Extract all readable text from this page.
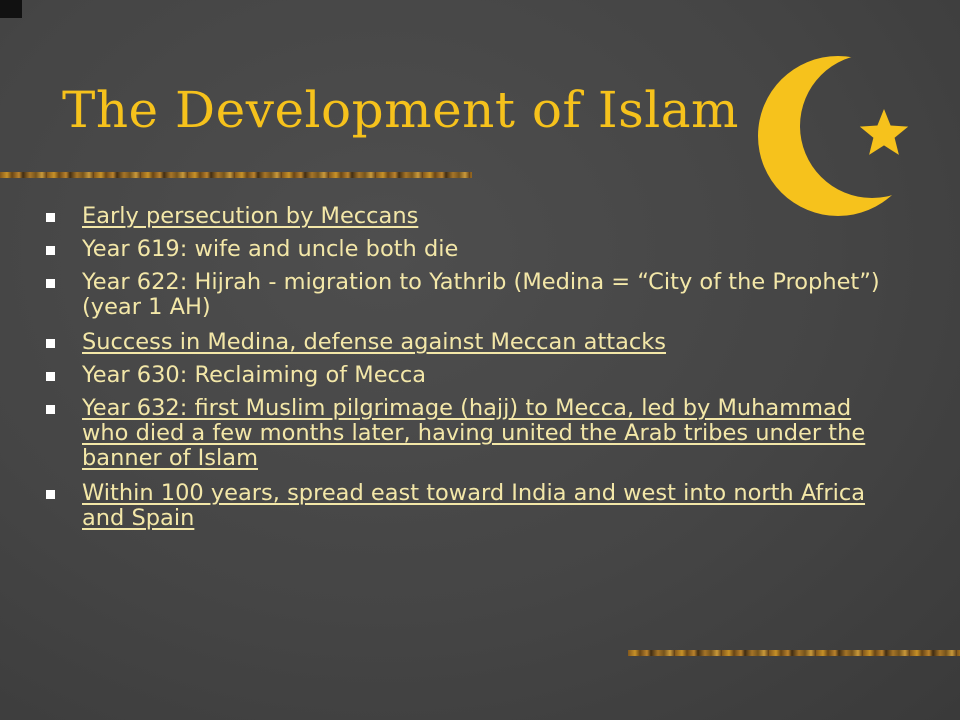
The Development of Islam
Early persecution by Meccans
Year 619: wife and uncle both die
Year 622: Hijrah - migration to Yathrib (Medina = “City of the Prophet”) (year 1 AH)
Success in Medina, defense against Meccan attacks
Year 630: Reclaiming of Mecca
Year 632: first Muslim pilgrimage (hajj) to Mecca, led by Muhammad who died a few months later, having united the Arab tribes under the banner of Islam
Within 100 years, spread east toward India and west into north Africa and Spain
